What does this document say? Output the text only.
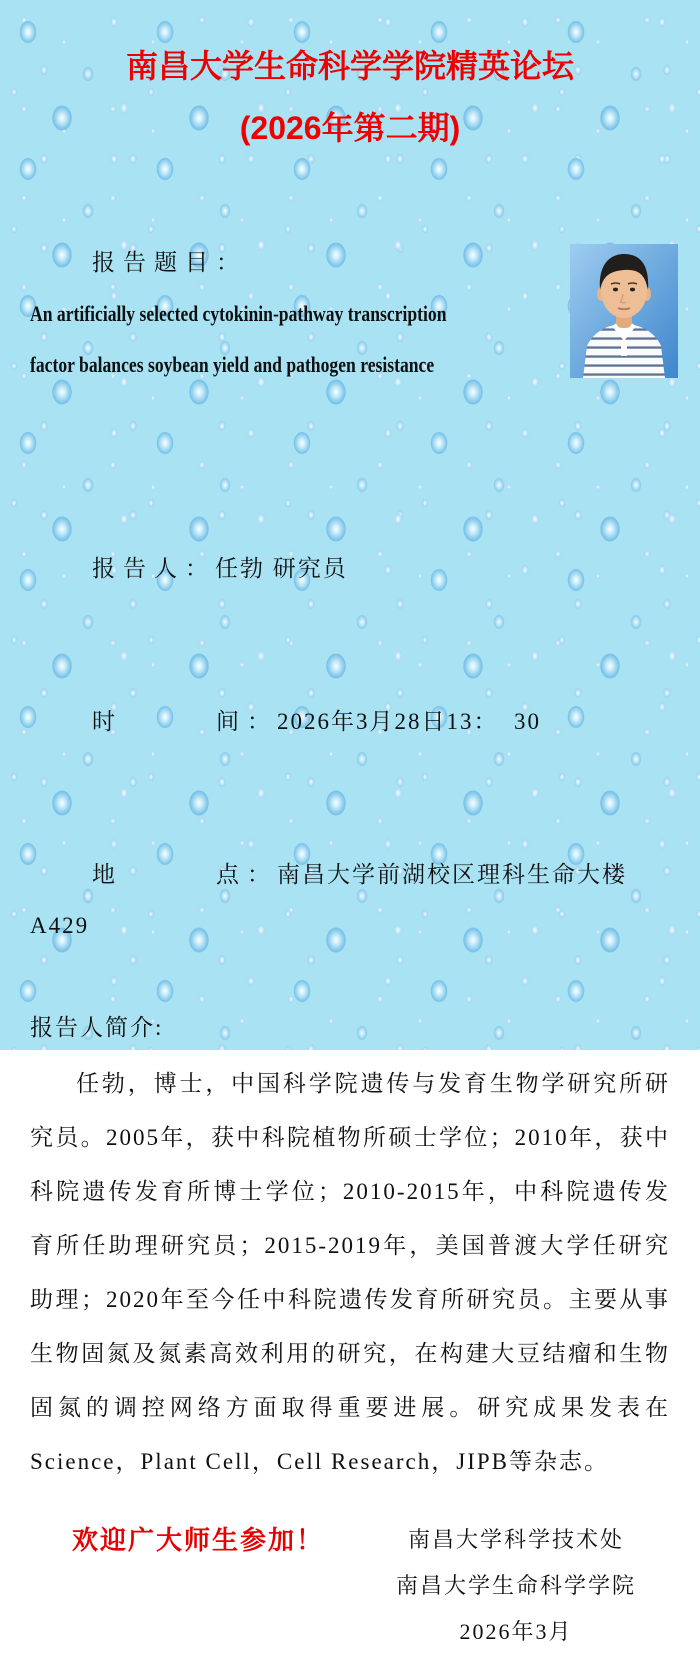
南昌大学生命科学学院精英论坛
(2026年第二期)

报告题目：An artificially selected cytokinin-pathway transcription
factor balances soybean yield and pathogen resistance

报告人： 任勃 研究员

时　　　间： 2026年3月28日13：  30

地　　　点： 南昌大学前湖校区理科生命大楼A429

报告人简介:

任勃，博士，中国科学院遗传与发育生物学研究所研究员。2005年，获中科院植物所硕士学位；2010年，获中科院遗传发育所博士学位；2010-2015年，中科院遗传发育所任助理研究员；2015-2019年，美国普渡大学任研究助理；2020年至今任中科院遗传发育所研究员。主要从事生物固氮及氮素高效利用的研究，在构建大豆结瘤和生物固氮的调控网络方面取得重要进展。研究成果发表在Science，Plant Cell，Cell Research，JIPB等杂志。

欢迎广大师生参加！	南昌大学科学技术处

南昌大学生命科学学院

2026年3月
